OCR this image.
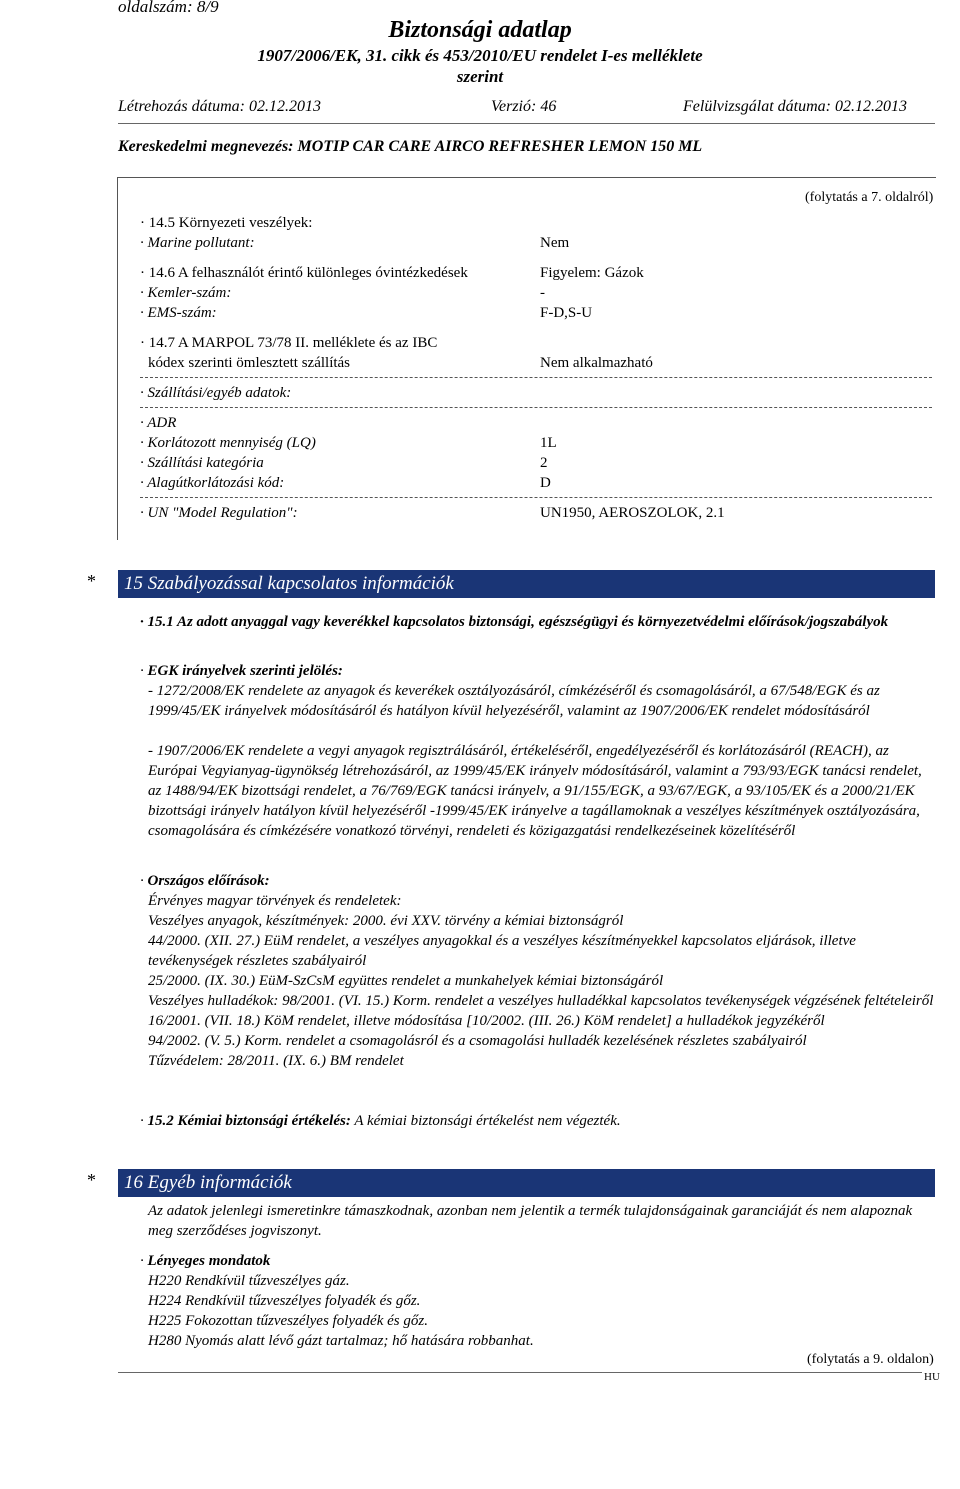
oldalszám: 8/9
Biztonsági adatlap
1907/2006/EK, 31. cikk és 453/2010/EU rendelet I-es melléklete
szerint
Létrehozás dátuma: 02.12.2013	Verzió: 46	Felülvizsgálat dátuma: 02.12.2013
Kereskedelmi megnevezés: MOTIP CAR CARE AIRCO REFRESHER LEMON 150 ML
(folytatás a 7. oldalról)
· 14.5 Környezeti veszélyek:
· Marine pollutant:	Nem
· 14.6 A felhasználót érintő különleges óvintézkedések	Figyelem: Gázok
· Kemler-szám:	-
· EMS-szám:	F-D,S-U
· 14.7 A MARPOL 73/78 II. melléklete és az IBC
kódex szerinti ömlesztett szállítás	Nem alkalmazható
· Szállítási/egyéb adatok:
· ADR
· Korlátozott mennyiség (LQ)	1L
· Szállítási kategória	2
· Alagútkorlátozási kód:	D
· UN "Model Regulation":	UN1950, AEROSZOLOK, 2.1
*	15 Szabályozással kapcsolatos információk
· 15.1 Az adott anyaggal vagy keverékkel kapcsolatos biztonsági, egészségügyi és környezetvédelmi előírások/jogszabályok
· EGK irányelvek szerinti jelölés:
- 1272/2008/EK rendelete az anyagok és keverékek osztályozásáról, címkézéséről és csomagolásáról, a 67/548/EGK és az 1999/45/EK irányelvek módosításáról és hatályon kívül helyezéséről, valamint az 1907/2006/EK rendelet módosításáról
- 1907/2006/EK rendelete a vegyi anyagok regisztrálásáról, értékeléséről, engedélyezéséről és korlátozásáról (REACH), az Európai Vegyianyag-ügynökség létrehozásáról, az 1999/45/EK irányelv módosításáról, valamint a 793/93/EGK tanácsi rendelet, az 1488/94/EK bizottsági rendelet, a 76/769/EGK tanácsi irányelv, a 91/155/EGK, a 93/67/EGK, a 93/105/EK és a 2000/21/EK bizottsági irányelv hatályon kívül helyezéséről -1999/45/EK irányelve a tagállamoknak a veszélyes készítmények osztályozására, csomagolására és címkézésére vonatkozó törvényi, rendeleti és közigazgatási rendelkezéseinek közelítéséről
· Országos előírások:

Érvényes magyar törvények és rendeletek:

Veszélyes anyagok, készítmények: 2000. évi XXV. törvény a kémiai biztonságról

44/2000. (XII. 27.) EüM rendelet, a veszélyes anyagokkal és a veszélyes készítményekkel kapcsolatos eljárások, illetve tevékenységek részletes szabályairól

25/2000. (IX. 30.) EüM-SzCsM együttes rendelet a munkahelyek kémiai biztonságáról

Veszélyes hulladékok: 98/2001. (VI. 15.) Korm. rendelet a veszélyes hulladékkal kapcsolatos tevékenységek végzésének feltételeiről

16/2001. (VII. 18.) KöM rendelet, illetve módosítása [10/2002. (III. 26.) KöM rendelet] a hulladékok jegyzékéről

94/2002. (V. 5.) Korm. rendelet a csomagolásról és a csomagolási hulladék kezelésének részletes szabályairól

Tűzvédelem: 28/2011. (IX. 6.) BM rendelet

· 15.2 Kémiai biztonsági értékelés: A kémiai biztonsági értékelést nem végezték.
*	16 Egyéb információk
Az adatok jelenlegi ismeretinkre támaszkodnak, azonban nem jelentik a termék tulajdonságainak garanciáját és nem alapoznak meg szerződéses jogviszonyt.
· Lényeges mondatok

H220 Rendkívül tűzveszélyes gáz.

H224 Rendkívül tűzveszélyes folyadék és gőz.

H225 Fokozottan tűzveszélyes folyadék és gőz.

H280 Nyomás alatt lévő gázt tartalmaz; hő hatására robbanhat.

(folytatás a 9. oldalon)
HU
